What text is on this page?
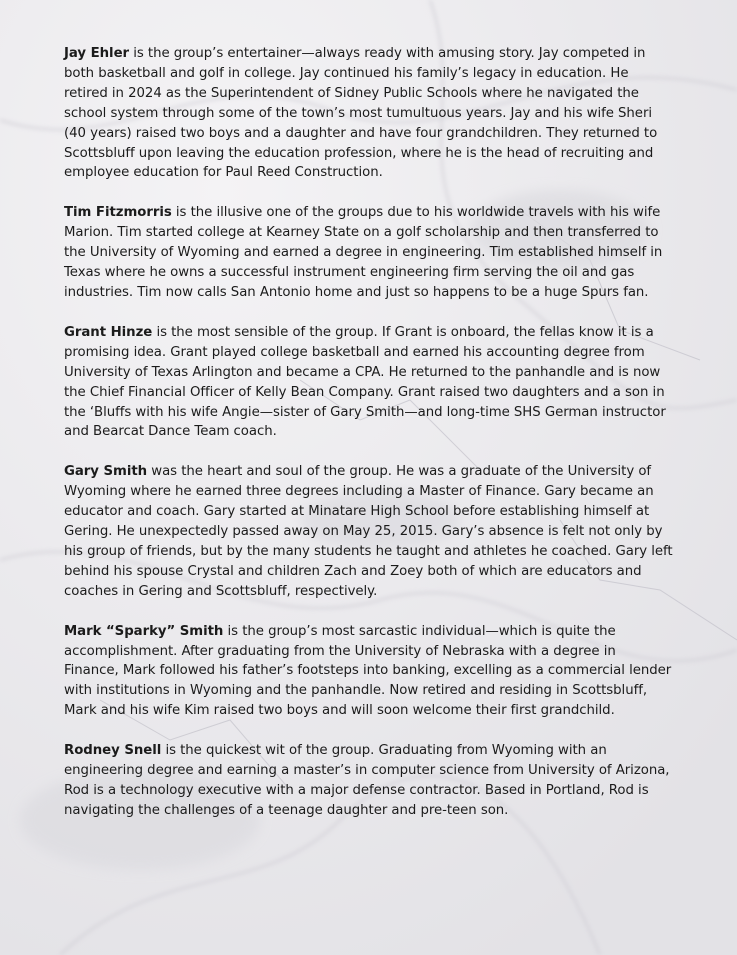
Jay Ehler is the group’s entertainer—always ready with amusing story. Jay competed in both basketball and golf in college. Jay continued his family’s legacy in education. He retired in 2024 as the Superintendent of Sidney Public Schools where he navigated the school system through some of the town’s most tumultuous years. Jay and his wife Sheri (40 years) raised two boys and a daughter and have four grandchildren. They returned to Scottsbluff upon leaving the education profession, where he is the head of recruiting and employee education for Paul Reed Construction.

Tim Fitzmorris is the illusive one of the groups due to his worldwide travels with his wife Marion. Tim started college at Kearney State on a golf scholarship and then transferred to the University of Wyoming and earned a degree in engineering. Tim established himself in Texas where he owns a successful instrument engineering firm serving the oil and gas industries. Tim now calls San Antonio home and just so happens to be a huge Spurs fan.

Grant Hinze is the most sensible of the group. If Grant is onboard, the fellas know it is a promising idea. Grant played college basketball and earned his accounting degree from University of Texas Arlington and became a CPA. He returned to the panhandle and is now the Chief Financial Officer of Kelly Bean Company. Grant raised two daughters and a son in the ‘Bluffs with his wife Angie—sister of Gary Smith—and long-time SHS German instructor and Bearcat Dance Team coach.

Gary Smith was the heart and soul of the group. He was a graduate of the University of Wyoming where he earned three degrees including a Master of Finance. Gary became an educator and coach. Gary started at Minatare High School before establishing himself at Gering. He unexpectedly passed away on May 25, 2015. Gary’s absence is felt not only by his group of friends, but by the many students he taught and athletes he coached. Gary left behind his spouse Crystal and children Zach and Zoey both of which are educators and coaches in Gering and Scottsbluff, respectively.

Mark “Sparky” Smith is the group’s most sarcastic individual—which is quite the accomplishment. After graduating from the University of Nebraska with a degree in Finance, Mark followed his father’s footsteps into banking, excelling as a commercial lender with institutions in Wyoming and the panhandle. Now retired and residing in Scottsbluff, Mark and his wife Kim raised two boys and will soon welcome their first grandchild.

Rodney Snell is the quickest wit of the group. Graduating from Wyoming with an engineering degree and earning a master’s in computer science from University of Arizona, Rod is a technology executive with a major defense contractor. Based in Portland, Rod is navigating the challenges of a teenage daughter and pre-teen son.
